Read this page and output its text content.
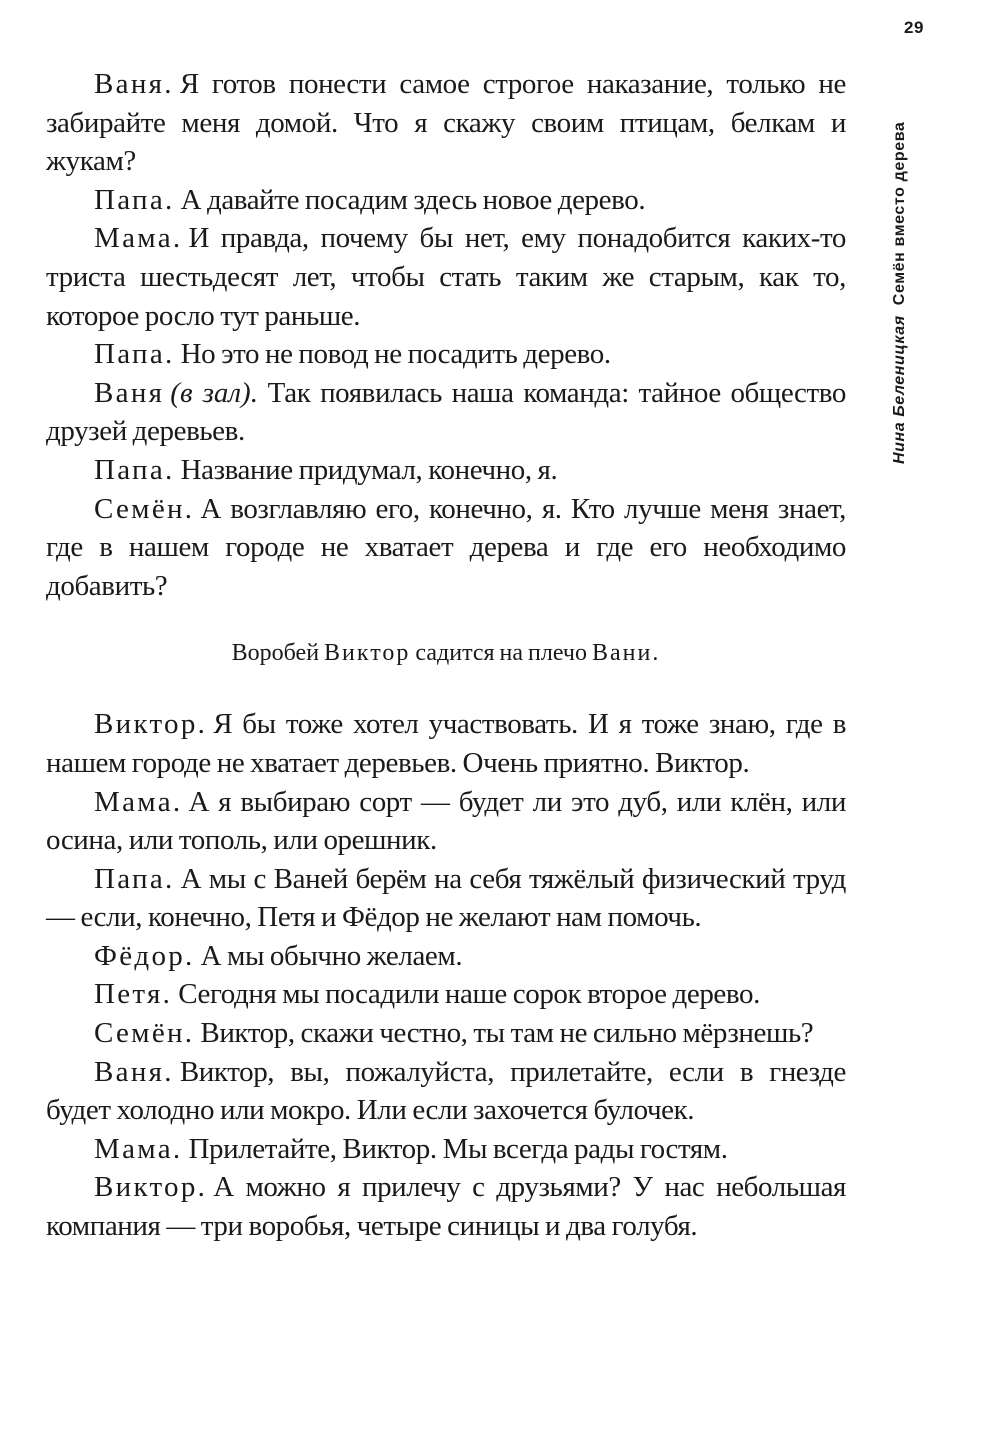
29
Нина БеленицкаяСемён вместо дерева

Ваня. Я готов понести самое строгое наказание, только не забирайте меня домой. Что я скажу своим птицам, белкам и жукам?

Папа. А давайте посадим здесь новое дерево.

Мама. И правда, почему бы нет, ему понадобится каких-то триста шестьдесят лет, чтобы стать таким же старым, как то, которое росло тут раньше.

Папа. Но это не повод не посадить дерево.

Ваня (в зал). Так появилась наша команда: тайное общество друзей деревьев.

Папа. Название придумал, конечно, я.

Семён. А возглавляю его, конечно, я. Кто лучше меня знает, где в нашем городе не хватает дерева и где его необходимо добавить?

Воробей Виктор садится на плечо Вани.

Виктор. Я бы тоже хотел участвовать. И я тоже знаю, где в нашем городе не хватает деревьев. Очень приятно. Виктор.

Мама. А я выбираю сорт — будет ли это дуб, или клён, или осина, или тополь, или орешник.

Папа. А мы с Ваней берём на себя тяжёлый физический труд — если, конечно, Петя и Фёдор не желают нам помочь.

Фёдор. А мы обычно желаем.

Петя. Сегодня мы посадили наше сорок второе дерево.

Семён. Виктор, скажи честно, ты там не сильно мёрзнешь?

Ваня. Виктор, вы, пожалуйста, прилетайте, если в гнезде будет холодно или мокро. Или если захочется булочек.

Мама. Прилетайте, Виктор. Мы всегда рады гостям.

Виктор. А можно я прилечу с друзьями? У нас небольшая компания — три воробья, четыре синицы и два голубя.
